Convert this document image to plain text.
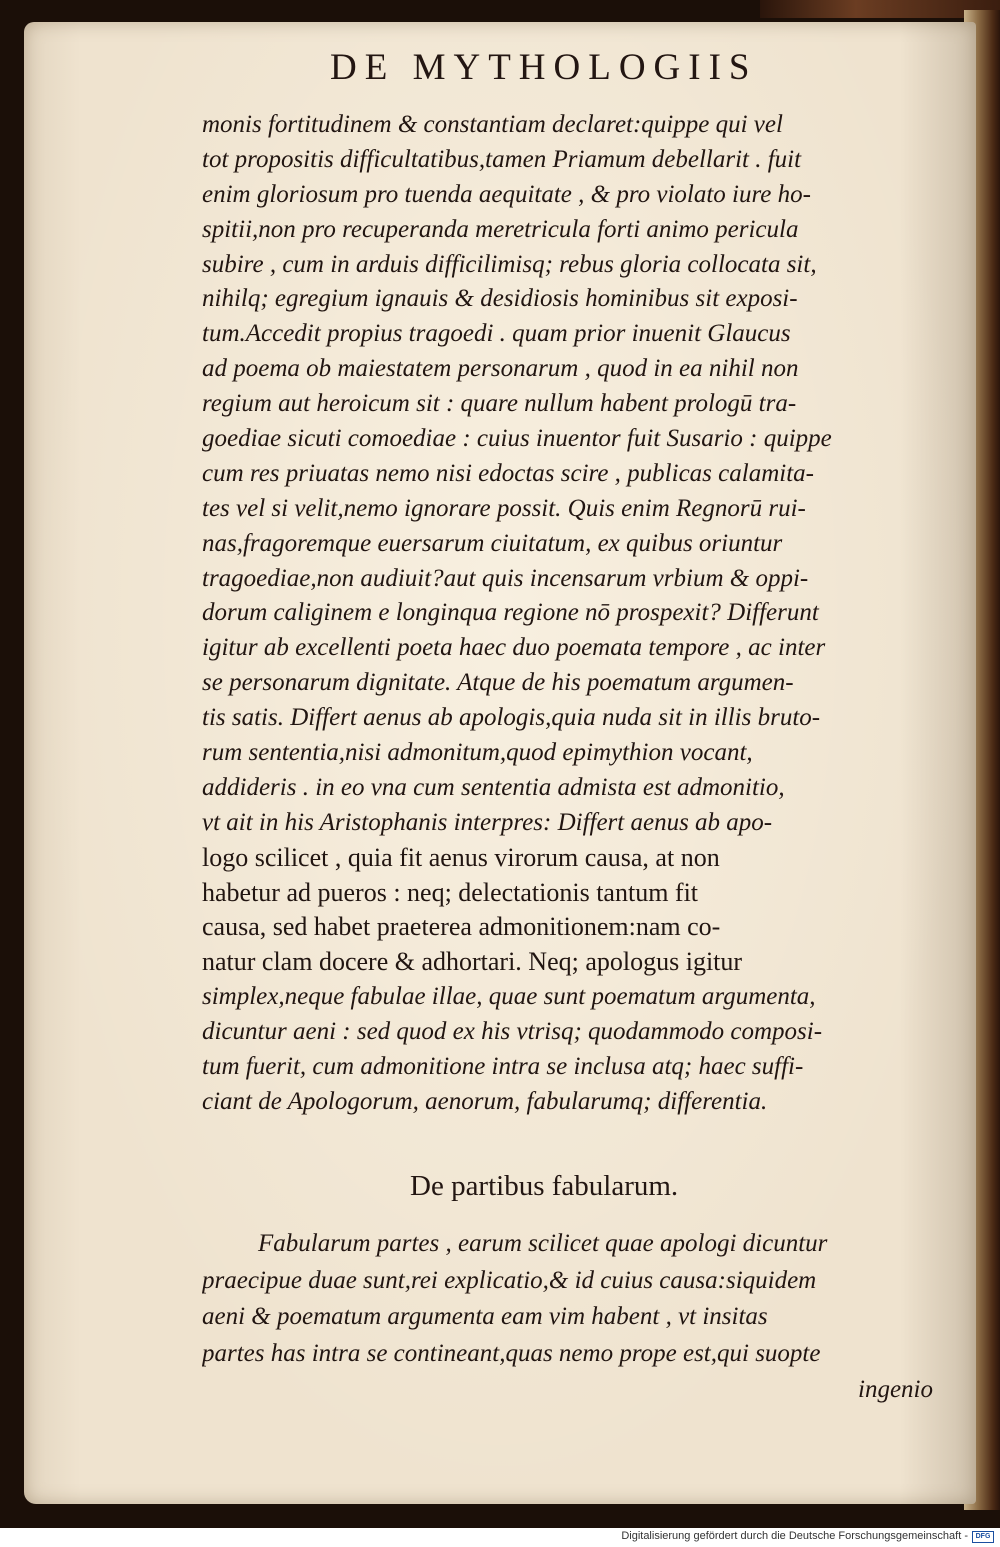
DE MYTHOLOGIIS
monis fortitudinem & constantiam declaret:quippe qui vel
tot propositis difficultatibus,tamen Priamum debellarit . fuit
enim gloriosum pro tuenda aequitate , & pro violato iure ho-
spitii,non pro recuperanda meretricula forti animo pericula
subire , cum in arduis difficilimisq; rebus gloria collocata sit,
nihilq; egregium ignauis & desidiosis hominibus sit exposi-
tum.Accedit propius tragoedi . quam prior inuenit Glaucus
ad poema ob maiestatem personarum , quod in ea nihil non
regium aut heroicum sit : quare nullum habent prologū tra-
goediae sicuti comoediae : cuius inuentor fuit Susario : quippe
cum res priuatas nemo nisi edoctas scire , publicas calamita-
tes vel si velit,nemo ignorare possit. Quis enim Regnorū rui-
nas,fragoremque euersarum ciuitatum, ex quibus oriuntur
tragoediae,non audiuit?aut quis incensarum vrbium & oppi-
dorum caliginem e longinqua regione nō prospexit? Differunt
igitur ab excellenti poeta haec duo poemata tempore , ac inter
se personarum dignitate. Atque de his poematum argumen-
tis satis. Differt aenus ab apologis,quia nuda sit in illis bruto-
rum sententia,nisi admonitum,quod epimythion vocant,
addideris . in eo vna cum sententia admista est admonitio,
vt ait in his Aristophanis interpres: Differt aenus ab apo-
logo scilicet , quia fit aenus virorum causa, at non
habetur ad pueros : neq; delectationis tantum fit
causa, sed habet praeterea admonitionem:nam co-
natur clam docere & adhortari. Neq; apologus igitur
simplex,neque fabulae illae, quae sunt poematum argumenta,
dicuntur aeni : sed quod ex his vtrisq; quodammodo composi-
tum fuerit, cum admonitione intra se inclusa atq; haec suffi-
ciant de Apologorum, aenorum, fabularumq; differentia.
De partibus fabularum.
Fabularum partes , earum scilicet quae apologi dicuntur
praecipue duae sunt,rei explicatio,& id cuius causa:siquidem
aeni & poematum argumenta eam vim habent , vt insitas
partes has intra se contineant,quas nemo prope est,qui suopte
ingenio
Digitalisierung gefördert durch die Deutsche Forschungsgemeinschaft -	DFG
